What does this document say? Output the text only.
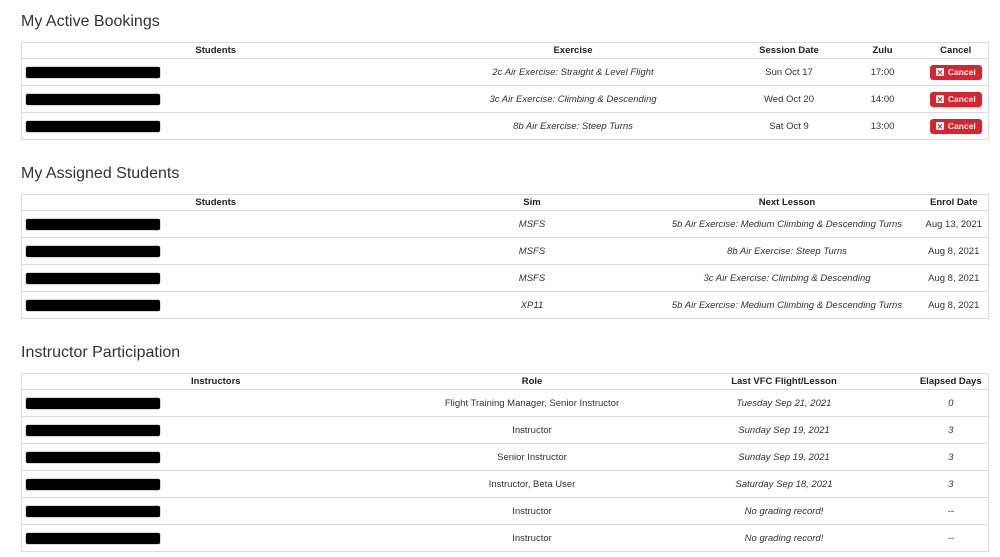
My Active Bookings
Students	Exercise	Session Date	Zulu	Cancel

	2c Air Exercise: Straight & Level Flight	Sun Oct 17	17:00	Cancel

	3c Air Exercise: Climbing & Descending	Wed Oct 20	14:00	Cancel

	8b Air Exercise: Steep Turns	Sat Oct 9	13:00	Cancel
My Assigned Students
Students	Sim	Next Lesson	Enrol Date

	MSFS	5b Air Exercise: Medium Climbing & Descending Turns	Aug 13, 2021

	MSFS	8b Air Exercise: Steep Turns	Aug 8, 2021

	MSFS	3c Air Exercise: Climbing & Descending	Aug 8, 2021

	XP11	5b Air Exercise: Medium Climbing & Descending Turns	Aug 8, 2021
Instructor Participation
Instructors	Role	Last VFC Flight/Lesson	Elapsed Days

	Flight Training Manager, Senior Instructor	Tuesday Sep 21, 2021	0

	Instructor	Sunday Sep 19, 2021	3

	Senior Instructor	Sunday Sep 19, 2021	3

	Instructor, Beta User	Saturday Sep 18, 2021	3

	Instructor	No grading record!	--

	Instructor	No grading record!	--
